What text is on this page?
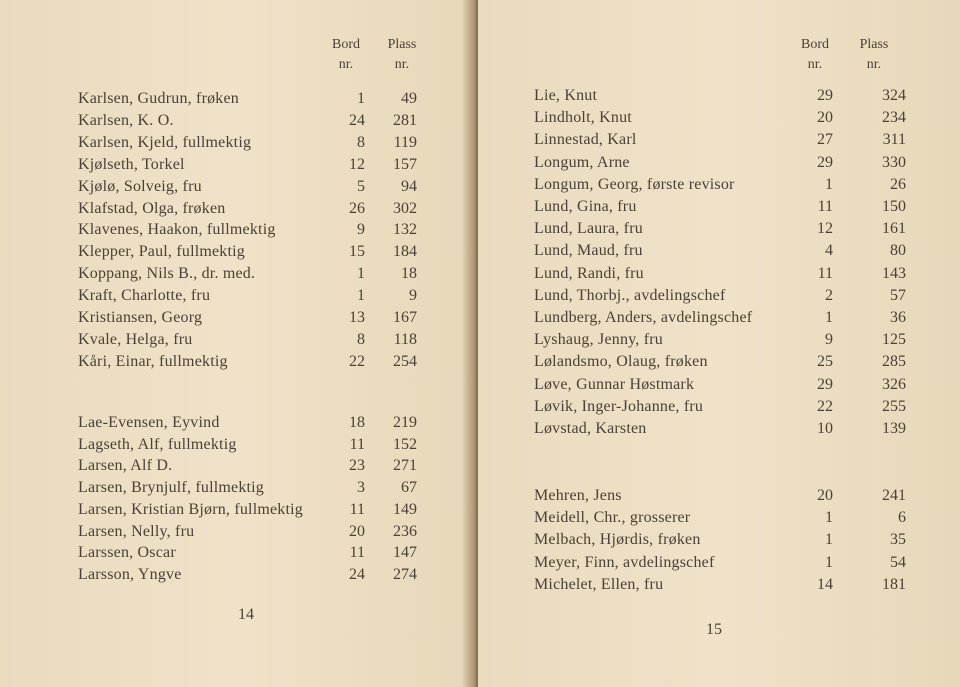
Bord
nr.
Plass
nr.
Karlsen, Gudrun, frøken	1	49
Karlsen, K. O.	24	281
Karlsen, Kjeld, fullmektig	8	119
Kjølseth, Torkel	12	157
Kjølø, Solveig, fru	5	94
Klafstad, Olga, frøken	26	302
Klavenes, Haakon, fullmektig	9	132
Klepper, Paul, fullmektig	15	184
Koppang, Nils B., dr. med.	1	18
Kraft, Charlotte, fru	1	9
Kristiansen, Georg	13	167
Kvale, Helga, fru	8	118
Kåri, Einar, fullmektig	22	254
Lae-Evensen, Eyvind	18	219
Lagseth, Alf, fullmektig	11	152
Larsen, Alf D.	23	271
Larsen, Brynjulf, fullmektig	3	67
Larsen, Kristian Bjørn, fullmektig	11	149
Larsen, Nelly, fru	20	236
Larssen, Oscar	11	147
Larsson, Yngve	24	274
14
Bord
nr.
Plass
nr.
Lie, Knut	29	324
Lindholt, Knut	20	234
Linnestad, Karl	27	311
Longum, Arne	29	330
Longum, Georg, første revisor	1	26
Lund, Gina, fru	11	150
Lund, Laura, fru	12	161
Lund, Maud, fru	4	80
Lund, Randi, fru	11	143
Lund, Thorbj., avdelingschef	2	57
Lundberg, Anders, avdelingschef	1	36
Lyshaug, Jenny, fru	9	125
Lølandsmo, Olaug, frøken	25	285
Løve, Gunnar Høstmark	29	326
Løvik, Inger-Johanne, fru	22	255
Løvstad, Karsten	10	139
Mehren, Jens	20	241
Meidell, Chr., grosserer	1	6
Melbach, Hjørdis, frøken	1	35
Meyer, Finn, avdelingschef	1	54
Michelet, Ellen, fru	14	181
15
